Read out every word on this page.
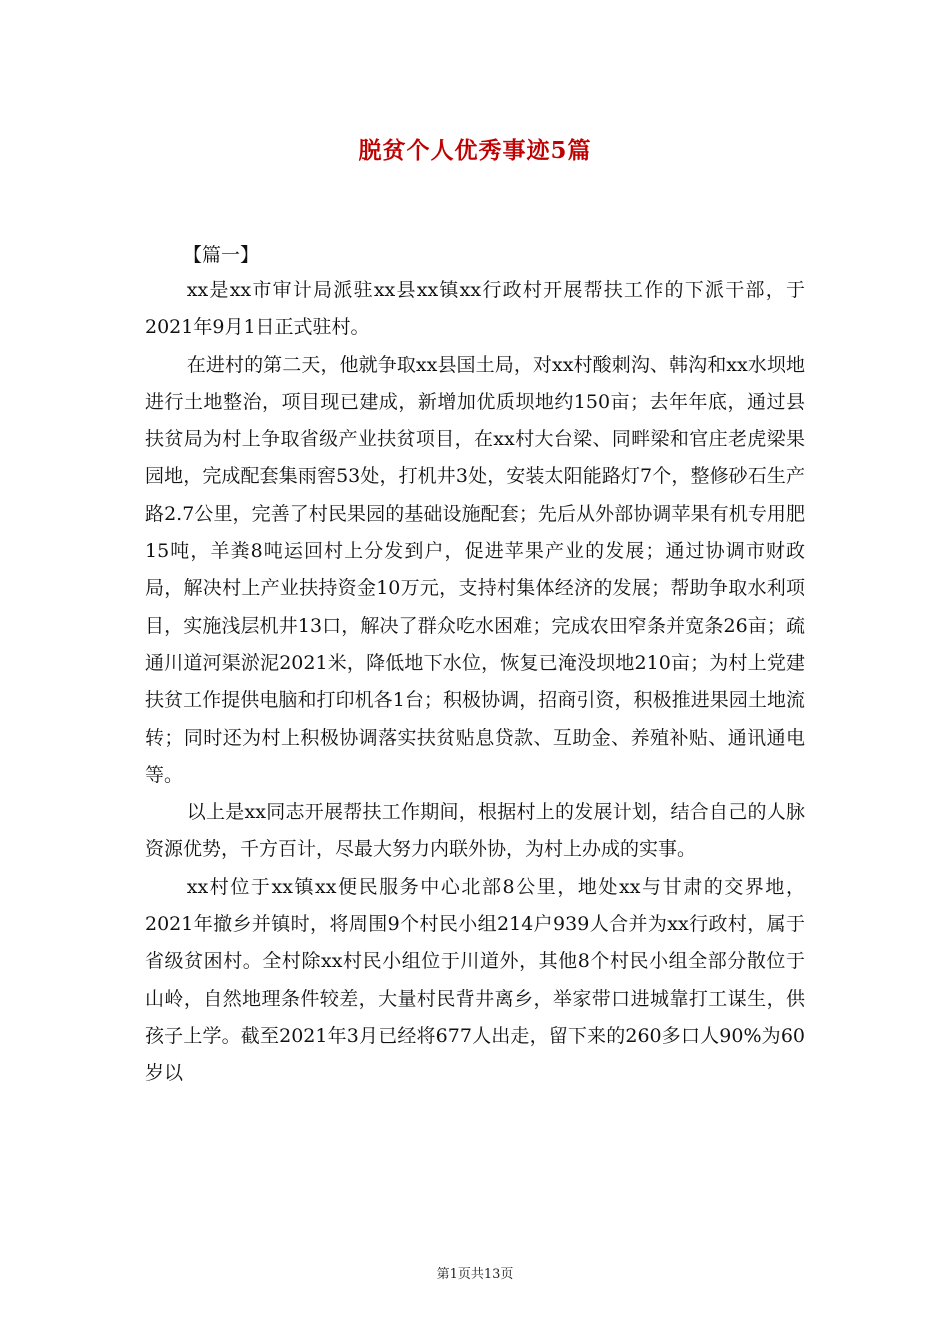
脱贫个人优秀事迹5篇
【篇一】

xx是xx市审计局派驻xx县xx镇xx行政村开展帮扶工作的下派干部，于2021年9月1日正式驻村。

在进村的第二天，他就争取xx县国土局，对xx村酸刺沟、韩沟和xx水坝地进行土地整治，项目现已建成，新增加优质坝地约150亩；去年年底，通过县扶贫局为村上争取省级产业扶贫项目，在xx村大台梁、同畔梁和官庄老虎梁果园地，完成配套集雨窖53处，打机井3处，安装太阳能路灯7个，整修砂石生产路2.7公里，完善了村民果园的基础设施配套；先后从外部协调苹果有机专用肥15吨，羊粪8吨运回村上分发到户，促进苹果产业的发展；通过协调市财政局，解决村上产业扶持资金10万元，支持村集体经济的发展；帮助争取水利项目，实施浅层机井13口，解决了群众吃水困难；完成农田窄条并宽条26亩；疏通川道河渠淤泥2021米，降低地下水位，恢复已淹没坝地210亩；为村上党建扶贫工作提供电脑和打印机各1台；积极协调，招商引资，积极推进果园土地流转；同时还为村上积极协调落实扶贫贴息贷款、互助金、养殖补贴、通讯通电等。

以上是xx同志开展帮扶工作期间，根据村上的发展计划，结合自己的人脉资源优势，千方百计，尽最大努力内联外协，为村上办成的实事。

xx村位于xx镇xx便民服务中心北部8公里，地处xx与甘肃的交界地，2021年撤乡并镇时，将周围9个村民小组214户939人合并为xx行政村，属于省级贫困村。全村除xx村民小组位于川道外，其他8个村民小组全部分散位于山岭，自然地理条件较差，大量村民背井离乡，举家带口进城靠打工谋生，供孩子上学。截至2021年3月已经将677人出走，留下来的260多口人90%为60岁以

第1页共13页
